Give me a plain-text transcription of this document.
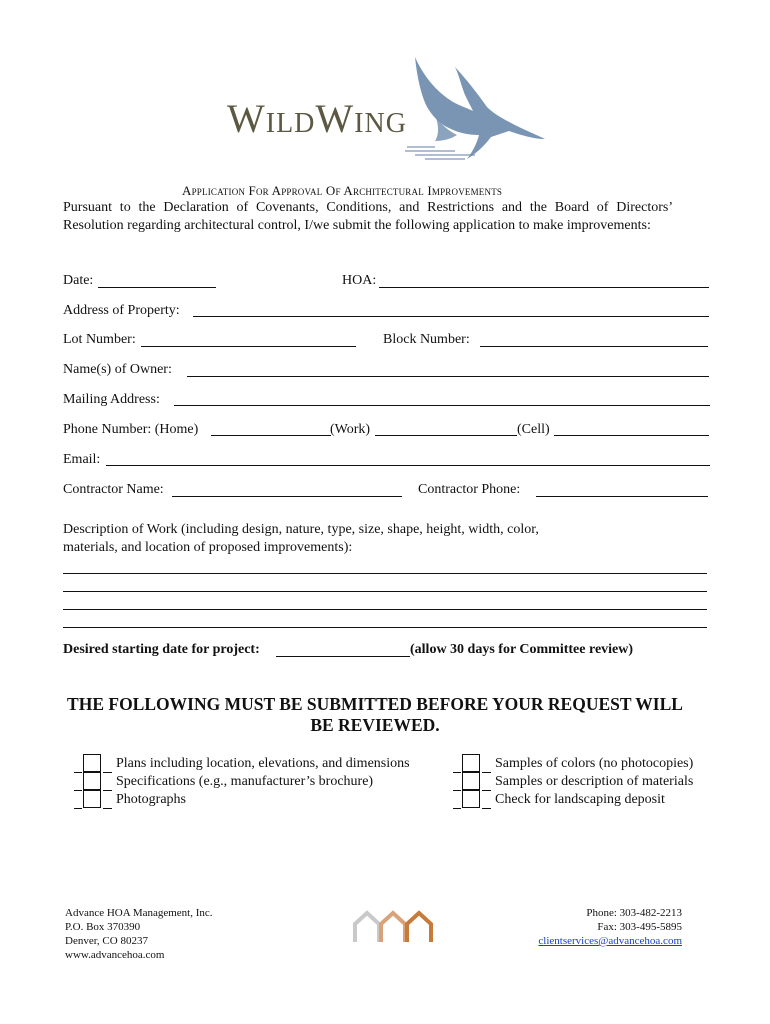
WildWing
Application For Approval Of Architectural Improvements
Pursuant to the Declaration of Covenants, Conditions, and Restrictions and the Board of Directors’ Resolution regarding architectural control, I/we submit the following application to make improvements:
Date:	HOA:
Address of Property:
Lot Number:	Block Number:
Name(s) of Owner:
Mailing Address:
Phone Number: (Home)	(Work)	(Cell)
Email:
Contractor Name:	Contractor Phone:
Description of Work (including design, nature, type, size, shape, height, width, color,
materials, and location of proposed improvements):
Desired starting date for project:	(allow 30 days for Committee review)
THE FOLLOWING MUST BE SUBMITTED BEFORE YOUR REQUEST WILL
BE REVIEWED.
Plans including location, elevations, and dimensions
Specifications (e.g., manufacturer’s brochure)
Photographs
Samples of colors (no photocopies)
Samples or description of materials
Check for landscaping deposit
Advance HOA Management, Inc.
P.O. Box 370390
Denver, CO 80237
www.advancehoa.com
Phone: 303-482-2213
Fax: 303-495-5895
clientservices@advancehoa.com
